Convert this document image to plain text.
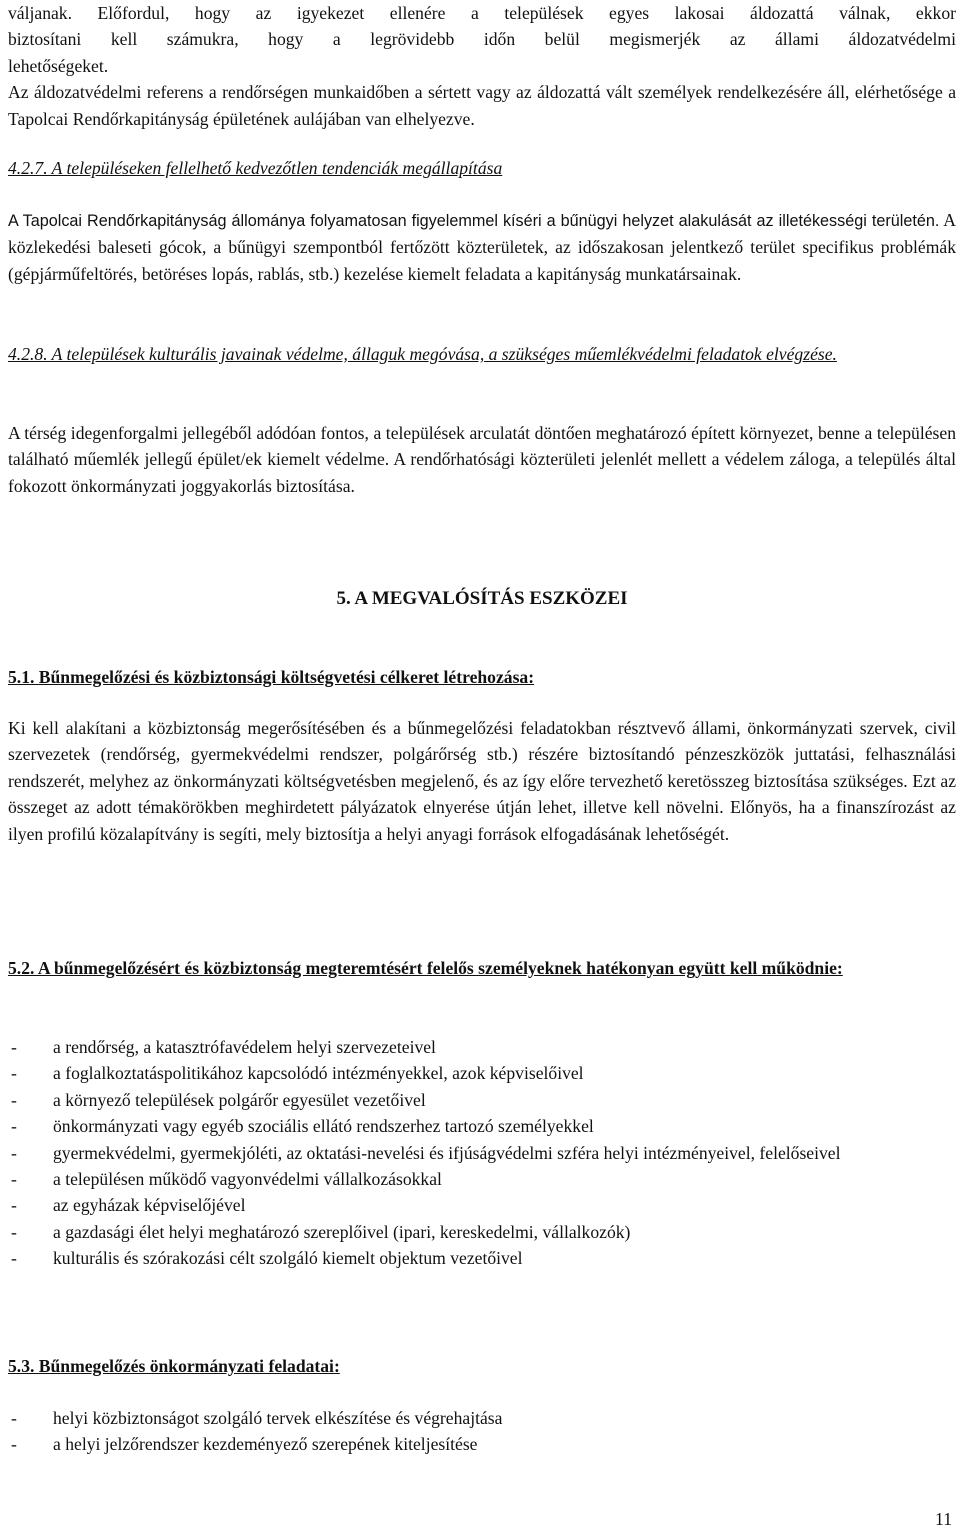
váljanak. Előfordul, hogy az igyekezet ellenére a települések egyes lakosai áldozattá válnak, ekkor
biztosítani kell számukra, hogy a legrövidebb időn belül megismerjék az állami áldozatvédelmi
lehetőségeket.

Az áldozatvédelmi referens a rendőrségen munkaidőben a sértett vagy az áldozattá vált személyek rendelkezésére áll, elérhetősége a Tapolcai Rendőrkapitányság épületének aulájában van elhelyezve.

4.2.7. A településeken fellelhető kedvezőtlen tendenciák megállapítása

A Tapolcai Rendőrkapitányság állománya folyamatosan figyelemmel kíséri a bűnügyi helyzet alakulását az illetékességi területén. A közlekedési baleseti gócok, a bűnügyi szempontból fertőzött közterületek, az időszakosan jelentkező terület specifikus problémák (gépjárműfeltörés, betöréses lopás, rablás, stb.) kezelése kiemelt feladata a kapitányság munkatársainak.

4.2.8. A települések kulturális javainak védelme, állaguk megóvása, a szükséges műemlékvédelmi feladatok elvégzése.

A térség idegenforgalmi jellegéből adódóan fontos, a települések arculatát döntően meghatározó épített környezet, benne a településen található műemlék jellegű épület/ek kiemelt védelme. A rendőrhatósági közterületi jelenlét mellett a védelem záloga, a település által fokozott önkormányzati joggyakorlás biztosítása.

5. A MEGVALÓSÍTÁS ESZKÖZEI
5.1. Bűnmegelőzési és közbiztonsági költségvetési célkeret létrehozása:

Ki kell alakítani a közbiztonság megerősítésében és a bűnmegelőzési feladatokban résztvevő állami, önkormányzati szervek, civil szervezetek (rendőrség, gyermekvédelmi rendszer, polgárőrség stb.) részére biztosítandó pénzeszközök juttatási, felhasználási rendszerét, melyhez az önkormányzati költségvetésben megjelenő, és az így előre tervezhető keretösszeg biztosítása szükséges. Ezt az összeget az adott témakörökben meghirdetett pályázatok elnyerése útján lehet, illetve kell növelni. Előnyös, ha a finanszírozást az ilyen profilú közalapítvány is segíti, mely biztosítja a helyi anyagi források elfogadásának lehetőségét.

5.2. A bűnmegelőzésért és közbiztonság megteremtésért felelős személyeknek hatékonyan együtt kell működnie:
- a rendőrség, a katasztrófavédelem helyi szervezeteivel
- a foglalkoztatáspolitikához kapcsolódó intézményekkel, azok képviselőivel
- a környező települések polgárőr egyesület vezetőivel
- önkormányzati vagy egyéb szociális ellátó rendszerhez tartozó személyekkel
- gyermekvédelmi, gyermekjóléti, az oktatási-nevelési és ifjúságvédelmi szféra helyi intézményeivel, felelőseivel
- a településen működő vagyonvédelmi vállalkozásokkal
- az egyházak képviselőjével
- a gazdasági élet helyi meghatározó szereplőivel (ipari, kereskedelmi, vállalkozók)
- kulturális és szórakozási célt szolgáló kiemelt objektum vezetőivel
5.3. Bűnmegelőzés önkormányzati feladatai:
- helyi közbiztonságot szolgáló tervek elkészítése és végrehajtása
- a helyi jelzőrendszer kezdeményező szerepének kiteljesítése
11
